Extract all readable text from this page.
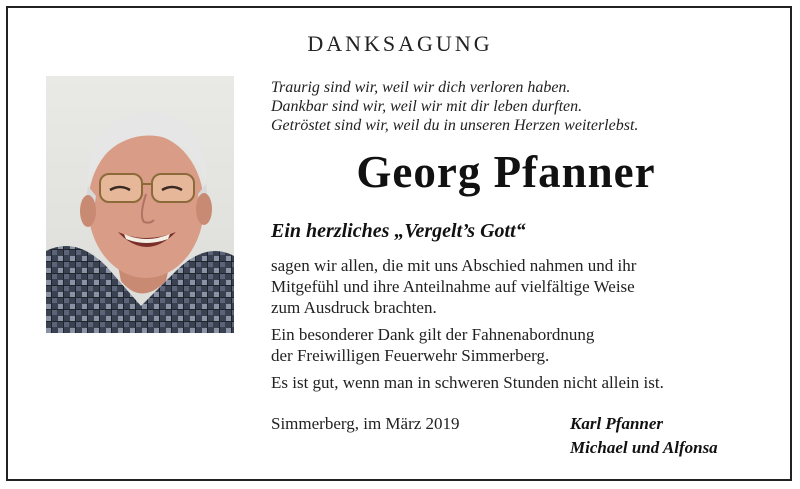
DANKSAGUNG
Traurig sind wir, weil wir dich verloren haben.
Dankbar sind wir, weil wir mit dir leben durften.
Getröstet sind wir, weil du in unseren Herzen weiterlebst.
Georg Pfanner
Ein herzliches „Vergelt’s Gott“
sagen wir allen, die mit uns Abschied nahmen und ihr
Mitgefühl und ihre Anteilnahme auf vielfältige Weise
zum Ausdruck brachten.
Ein besonderer Dank gilt der Fahnenabordnung
der Freiwilligen Feuerwehr Simmerberg.
Es ist gut, wenn man in schweren Stunden nicht allein ist.
Simmerberg, im März 2019	Karl Pfanner
Michael und Alfonsa
